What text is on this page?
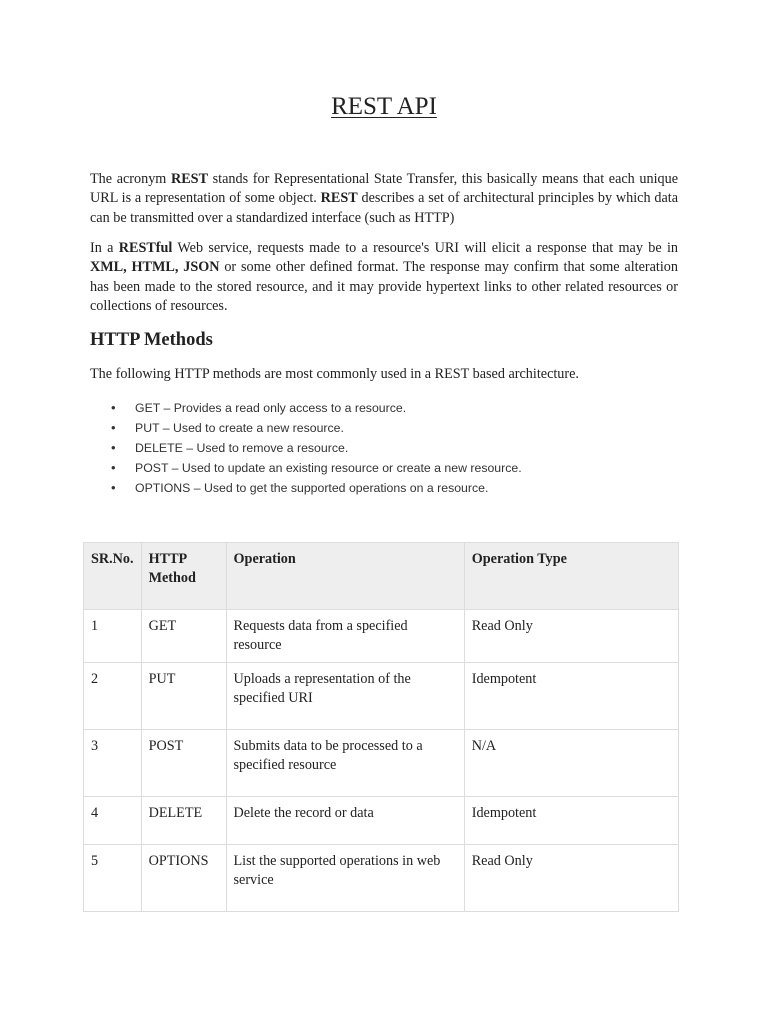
REST API

The acronym REST stands for Representational State Transfer, this basically means that each unique URL is a representation of some object. REST describes a set of architectural principles by which data can be transmitted over a standardized interface (such as HTTP)

In a RESTful Web service, requests made to a resource's URI will elicit a response that may be in XML, HTML, JSON or some other defined format. The response may confirm that some alteration has been made to the stored resource, and it may provide hypertext links to other related resources or collections of resources.

HTTP Methods

The following HTTP methods are most commonly used in a REST based architecture.

• GET – Provides a read only access to a resource.
• PUT – Used to create a new resource.
• DELETE – Used to remove a resource.
• POST – Used to update an existing resource or create a new resource.
• OPTIONS – Used to get the supported operations on a resource.
SR.No.	HTTP Method	Operation	Operation Type
1	GET	Requests data from a specified resource	Read Only
2	PUT	Uploads a representation of the specified URI	Idempotent
3	POST	Submits data to be processed to a specified resource	N/A
4	DELETE	Delete the record or data	Idempotent
5	OPTIONS	List the supported operations in web service	Read Only
